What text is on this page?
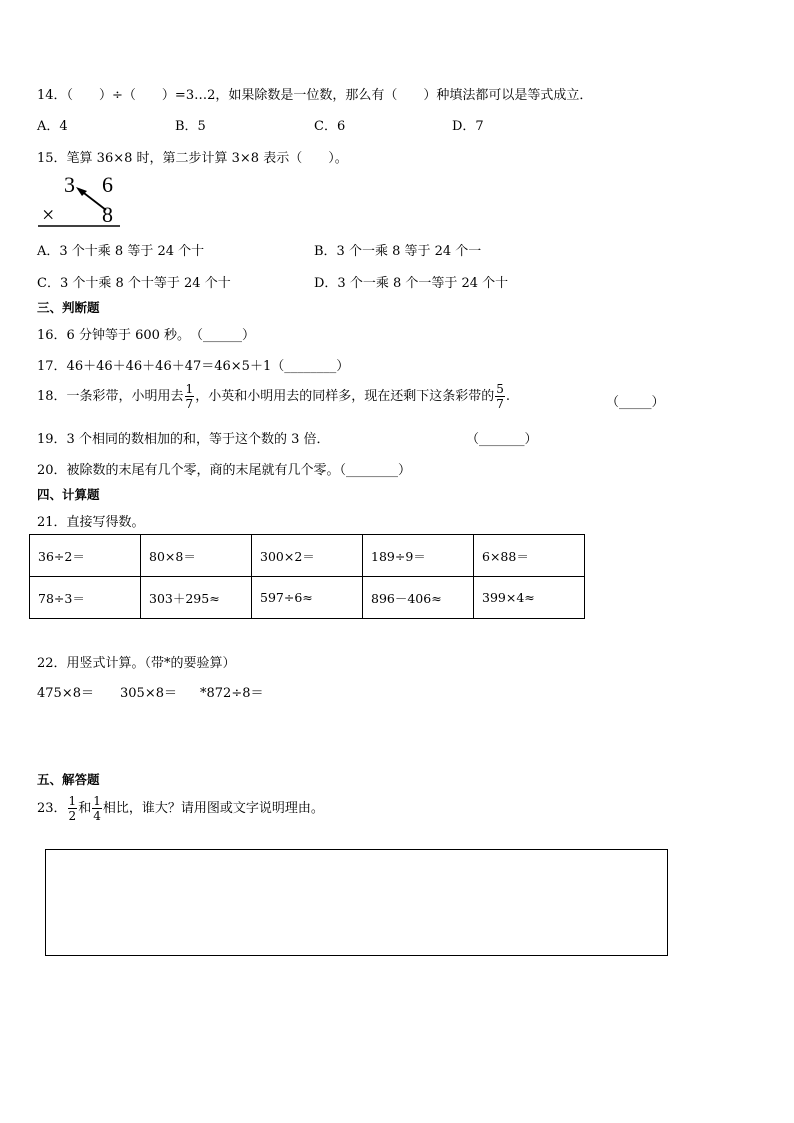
14．（　　）÷（　　）=3…2，如果除数是一位数，那么有（　　）种填法都可以是等式成立．
A．4	B．5	C．6	D．7
15．笔算 36×8 时，第二步计算 3×8 表示（　　）。
3 6
× 8
A．3 个十乘 8 等于 24 个十	B．3 个一乘 8 等于 24 个一
C．3 个十乘 8 个十等于 24 个十	D．3 个一乘 8 个一等于 24 个十
三、判断题
16．6 分钟等于 600 秒。　（______）
17．46＋46＋46＋46＋47＝46×5＋1（________）
18．一条彩带，小明用去 $\frac{1}{7}$ ，小英和小明用去的同样多，现在还剩下这条彩带的 $\frac{5}{7}$ .	（_____）
19．3 个相同的数相加的和，等于这个数的 3 倍．	（_______）
20．被除数的末尾有几个零，商的末尾就有几个零。（________）
四、计算题
21．直接写得数。
36÷2＝	80×8＝	300×2＝	189÷9＝	6×88＝
78÷3＝	303＋295≈	597÷6≈	896－406≈	399×4≈
22．用竖式计算。（带*的要验算）
475×8＝ 305×8＝ *872÷8＝
五、解答题
23． $\frac{1}{2}$ 和 $\frac{1}{4}$ 相比，谁大？请用图或文字说明理由。
